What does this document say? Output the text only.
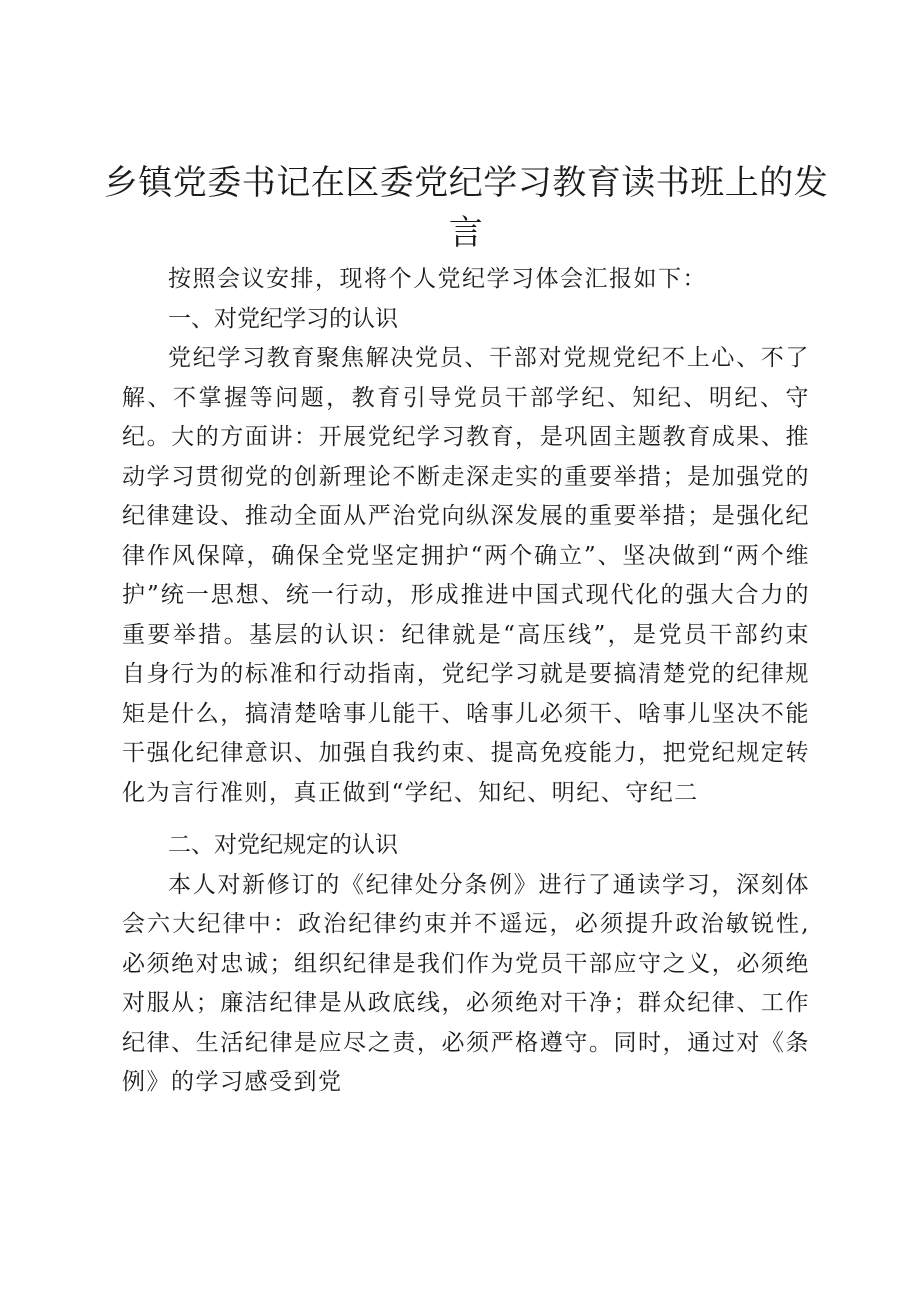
乡镇党委书记在区委党纪学习教育读书班上的发言

按照会议安排，现将个人党纪学习体会汇报如下：

一、对党纪学习的认识

党纪学习教育聚焦解决党员、干部对党规党纪不上心、不了解、不掌握等问题，教育引导党员干部学纪、知纪、明纪、守纪。大的方面讲：开展党纪学习教育，是巩固主题教育成果、推动学习贯彻党的创新理论不断走深走实的重要举措；是加强党的纪律建设、推动全面从严治党向纵深发展的重要举措；是强化纪律作风保障，确保全党坚定拥护“两个确立”、坚决做到“两个维护”统一思想、统一行动，形成推进中国式现代化的强大合力的重要举措。基层的认识：纪律就是“高压线”，是党员干部约束自身行为的标准和行动指南，党纪学习就是要搞清楚党的纪律规矩是什么，搞清楚啥事儿能干、啥事儿必须干、啥事儿坚决不能干强化纪律意识、加强自我约束、提高免疫能力，把党纪规定转化为言行准则，真正做到“学纪、知纪、明纪、守纪二

二、对党纪规定的认识

本人对新修订的《纪律处分条例》进行了通读学习，深刻体会六大纪律中：政治纪律约束并不遥远，必须提升政治敏锐性,必须绝对忠诚；组织纪律是我们作为党员干部应守之义，必须绝对服从；廉洁纪律是从政底线，必须绝对干净；群众纪律、工作纪律、生活纪律是应尽之责，必须严格遵守。同时，通过对《条例》的学习感受到党
